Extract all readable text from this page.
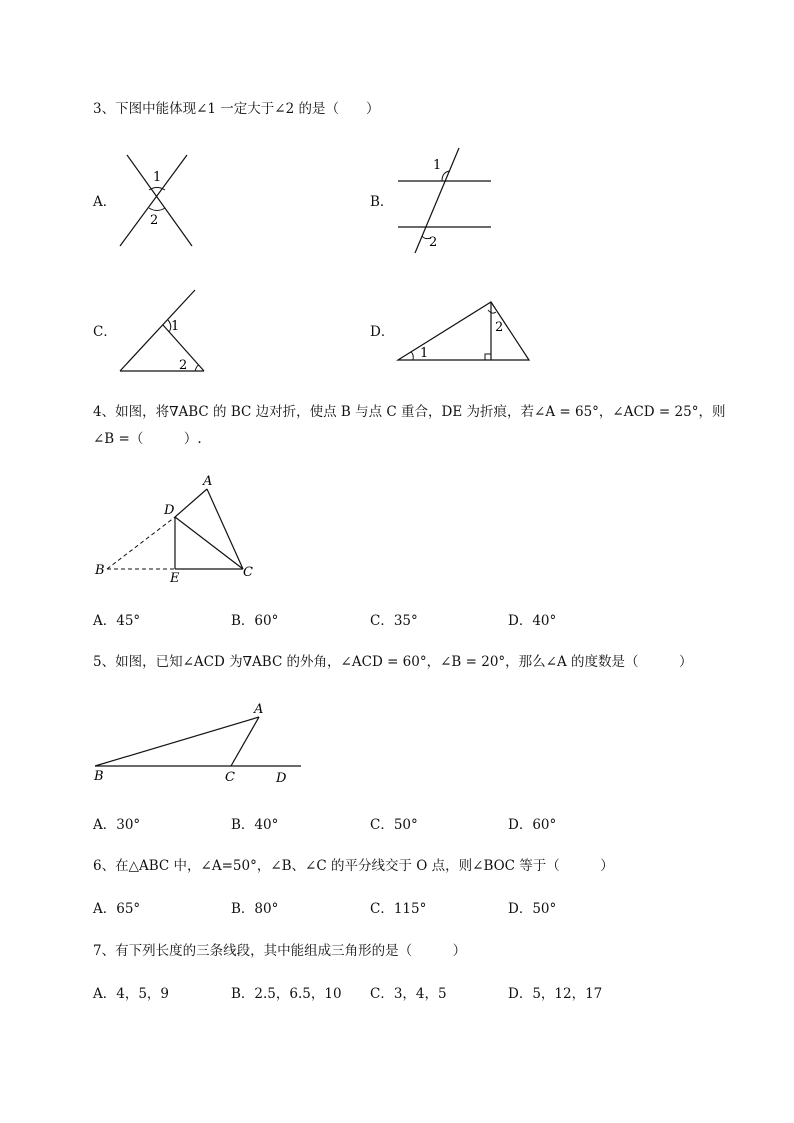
3、下图中能体现∠1 一定大于∠2 的是（　　）
A．
1
2
B．
1
2
C．	1
2
D．
1
2
4、如图，将∇ABC 的 BC 边对折，使点 B 与点 C 重合，DE 为折痕，若∠A = 65°，∠ACD = 25°，则
∠B =（　　　）.
A
D
B
E	C
A．45°	B．60°	C．35°	D．40°
5、如图，已知∠ACD 为∇ABC 的外角，∠ACD = 60°，∠B = 20°，那么∠A 的度数是（　　　）
A
B	C	D
A．30°	B．40°	C．50°	D．60°
6、在△ABC 中，∠A=50°，∠B、∠C 的平分线交于 O 点，则∠BOC 等于（　　　）
A．65°	B．80°	C．115°	D．50°
7、有下列长度的三条线段，其中能组成三角形的是（　　　）
A．4，5，9	B．2.5，6.5，10 C．3，4，5	D．5，12，17
